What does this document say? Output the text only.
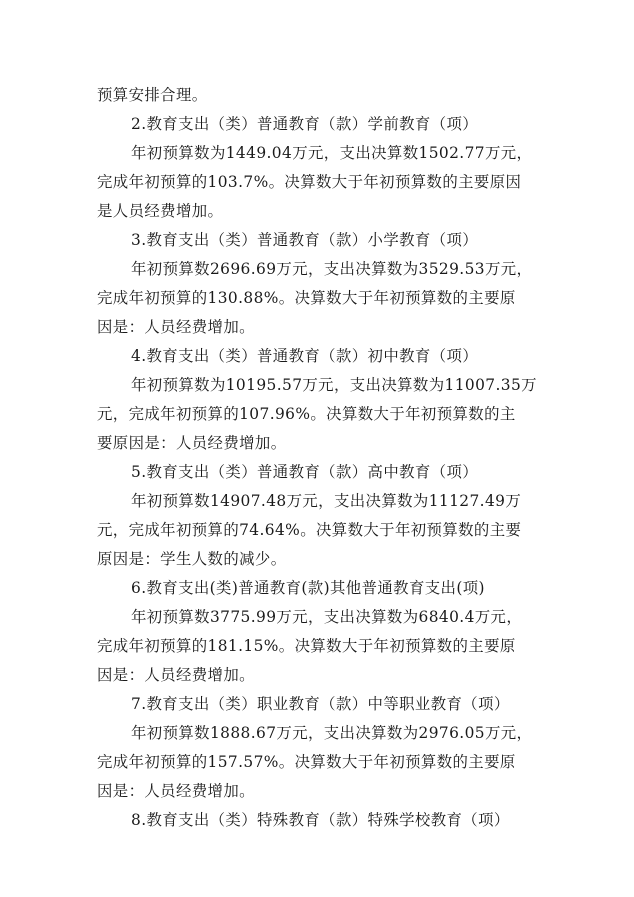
预算安排合理。
2.教育支出（类）普通教育（款）学前教育（项）
年初预算数为1449.04万元，支出决算数1502.77万元，
完成年初预算的103.7%。决算数大于年初预算数的主要原因
是人员经费增加。
3.教育支出（类）普通教育（款）小学教育（项）
年初预算数2696.69万元，支出决算数为3529.53万元，
完成年初预算的130.88%。决算数大于年初预算数的主要原
因是：人员经费增加。
4.教育支出（类）普通教育（款）初中教育（项）
年初预算数为10195.57万元，支出决算数为11007.35万
元，完成年初预算的107.96%。决算数大于年初预算数的主
要原因是：人员经费增加。
5.教育支出（类）普通教育（款）高中教育（项）
年初预算数14907.48万元，支出决算数为11127.49万
元，完成年初预算的74.64%。决算数大于年初预算数的主要
原因是：学生人数的减少。
6.教育支出(类)普通教育(款)其他普通教育支出(项)
年初预算数3775.99万元，支出决算数为6840.4万元，
完成年初预算的181.15%。决算数大于年初预算数的主要原
因是：人员经费增加。
7.教育支出（类）职业教育（款）中等职业教育（项）
年初预算数1888.67万元，支出决算数为2976.05万元，
完成年初预算的157.57%。决算数大于年初预算数的主要原
因是：人员经费增加。
8.教育支出（类）特殊教育（款）特殊学校教育（项）
